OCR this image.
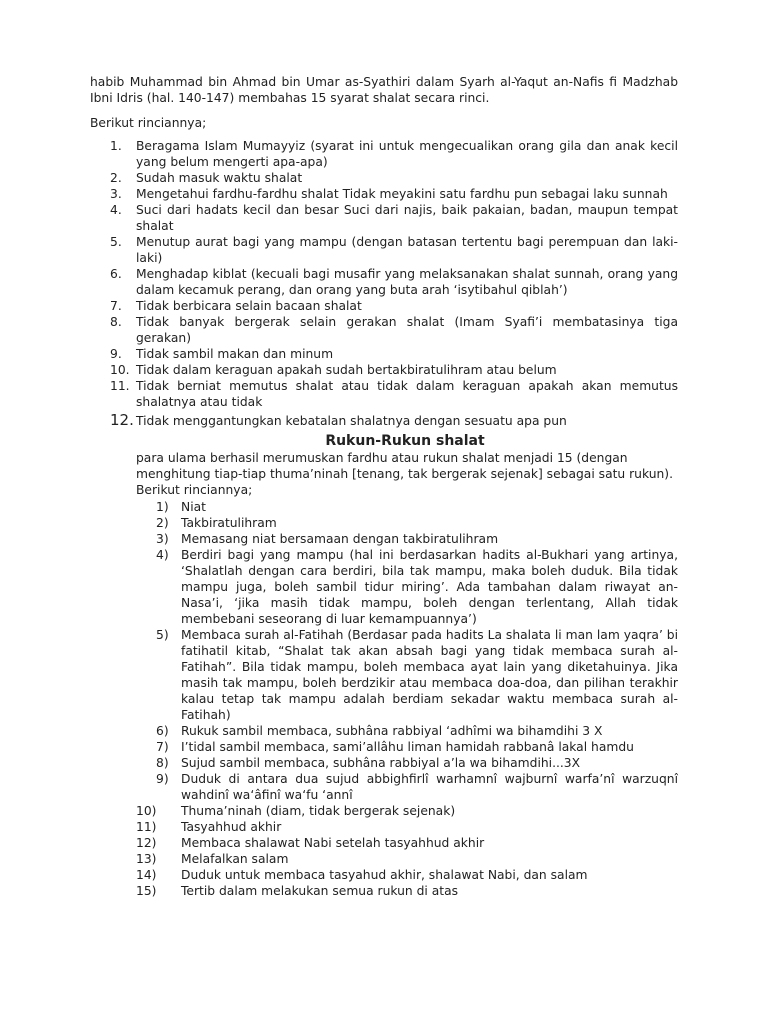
habib Muhammad bin Ahmad bin Umar as-Syathiri dalam Syarh al-Yaqut an-Nafis fi Madzhab Ibni Idris (hal. 140-147) membahas 15 syarat shalat secara rinci.

Berikut rinciannya;

1. Beragama Islam Mumayyiz (syarat ini untuk mengecualikan orang gila dan anak kecil yang belum mengerti apa-apa)
2. Sudah masuk waktu shalat
3. Mengetahui fardhu-fardhu shalat Tidak meyakini satu fardhu pun sebagai laku sunnah
4. Suci dari hadats kecil dan besar Suci dari najis, baik pakaian, badan, maupun tempat shalat
5. Menutup aurat bagi yang mampu (dengan batasan tertentu bagi perempuan dan laki-laki)
6. Menghadap kiblat (kecuali bagi musafir yang melaksanakan shalat sunnah, orang yang dalam kecamuk perang, dan orang yang buta arah ‘isytibahul qiblah’)
7. Tidak berbicara selain bacaan shalat
8. Tidak banyak bergerak selain gerakan shalat (Imam Syafi’i membatasinya tiga gerakan)
9. Tidak sambil makan dan minum
10. Tidak dalam keraguan apakah sudah bertakbiratulihram atau belum
11. Tidak berniat memutus shalat atau tidak dalam keraguan apakah akan memutus shalatnya atau tidak
12. Tidak menggantungkan kebatalan shalatnya dengan sesuatu apa pun
Rukun-Rukun shalat

para ulama berhasil merumuskan fardhu atau rukun shalat menjadi 15 (dengan menghitung tiap-tiap thuma’ninah [tenang, tak bergerak sejenak] sebagai satu rukun). Berikut rinciannya;

1) Niat
2) Takbiratulihram
3) Memasang niat bersamaan dengan takbiratulihram
4) Berdiri bagi yang mampu (hal ini berdasarkan hadits al-Bukhari yang artinya, ‘Shalatlah dengan cara berdiri, bila tak mampu, maka boleh duduk. Bila tidak mampu juga, boleh sambil tidur miring’. Ada tambahan dalam riwayat an-Nasa’i, ‘jika masih tidak mampu, boleh dengan terlentang, Allah tidak membebani seseorang di luar kemampuannya’)
5) Membaca surah al-Fatihah (Berdasar pada hadits La shalata li man lam yaqra’ bi fatihatil kitab, “Shalat tak akan absah bagi yang tidak membaca surah al-Fatihah”. Bila tidak mampu, boleh membaca ayat lain yang diketahuinya. Jika masih tak mampu, boleh berdzikir atau membaca doa-doa, dan pilihan terakhir kalau tetap tak mampu adalah berdiam sekadar waktu membaca surah al-Fatihah)
6) Rukuk sambil membaca, subhâna rabbiyal ‘adhîmi wa bihamdihi 3 X
7) I’tidal sambil membaca, sami’allâhu liman hamidah rabbanâ lakal hamdu
8) Sujud sambil membaca, subhâna rabbiyal a’la wa bihamdihi...3X
9) Duduk di antara dua sujud abbighfirlî warhamnî wajburnî warfa’nî warzuqnî wahdinî wa‘âfinî wa‘fu ‘annî
10) Thuma’ninah (diam, tidak bergerak sejenak)
11) Tasyahhud akhir
12) Membaca shalawat Nabi setelah tasyahhud akhir
13) Melafalkan salam
14) Duduk untuk membaca tasyahud akhir, shalawat Nabi, dan salam
15) Tertib dalam melakukan semua rukun di atas
